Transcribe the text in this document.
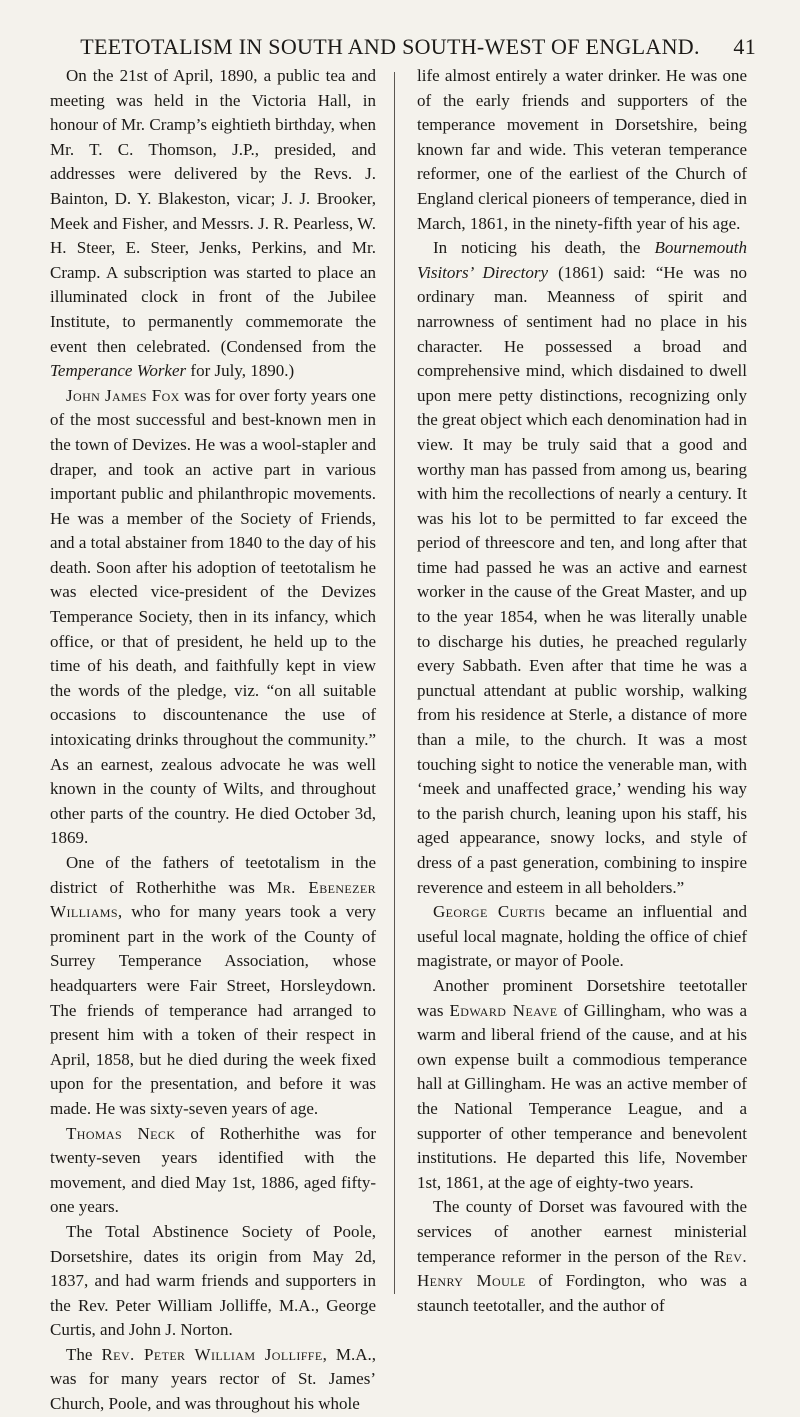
TEETOTALISM IN SOUTH AND SOUTH-WEST OF ENGLAND.	41

On the 21st of April, 1890, a public tea and meeting was held in the Victoria Hall, in honour of Mr. Cramp’s eightieth birthday, when Mr. T. C. Thomson, J.P., presided, and addresses were delivered by the Revs. J. Bainton, D. Y. Blakeston, vicar; J. J. Brooker, Meek and Fisher, and Messrs. J. R. Pearless, W. H. Steer, E. Steer, Jenks, Perkins, and Mr. Cramp. A subscription was started to place an illuminated clock in front of the Jubilee Institute, to permanently commemorate the event then celebrated. (Condensed from the Temperance Worker for July, 1890.)

John James Fox was for over forty years one of the most successful and best-known men in the town of Devizes. He was a wool-stapler and draper, and took an active part in various important public and philanthropic movements. He was a member of the Society of Friends, and a total abstainer from 1840 to the day of his death. Soon after his adoption of teetotalism he was elected vice-president of the Devizes Temperance Society, then in its infancy, which office, or that of president, he held up to the time of his death, and faithfully kept in view the words of the pledge, viz. “on all suitable occasions to discountenance the use of intoxicating drinks throughout the community.” As an earnest, zealous advocate he was well known in the county of Wilts, and throughout other parts of the country. He died October 3d, 1869.

One of the fathers of teetotalism in the district of Rotherhithe was Mr. Ebenezer Williams, who for many years took a very prominent part in the work of the County of Surrey Temperance Association, whose headquarters were Fair Street, Horsleydown. The friends of temperance had arranged to present him with a token of their respect in April, 1858, but he died during the week fixed upon for the presentation, and before it was made. He was sixty-seven years of age.

Thomas Neck of Rotherhithe was for twenty-seven years identified with the movement, and died May 1st, 1886, aged fifty-one years.

The Total Abstinence Society of Poole, Dorsetshire, dates its origin from May 2d, 1837, and had warm friends and supporters in the Rev. Peter William Jolliffe, M.A., George Curtis, and John J. Norton.

The Rev. Peter William Jolliffe, M.A., was for many years rector of St. James’ Church, Poole, and was throughout his whole

life almost entirely a water drinker. He was one of the early friends and supporters of the temperance movement in Dorsetshire, being known far and wide. This veteran temperance reformer, one of the earliest of the Church of England clerical pioneers of temperance, died in March, 1861, in the ninety-fifth year of his age.

In noticing his death, the Bournemouth Visitors’ Directory (1861) said: “He was no ordinary man. Meanness of spirit and narrowness of sentiment had no place in his character. He possessed a broad and comprehensive mind, which disdained to dwell upon mere petty distinctions, recognizing only the great object which each denomination had in view. It may be truly said that a good and worthy man has passed from among us, bearing with him the recollections of nearly a century. It was his lot to be permitted to far exceed the period of threescore and ten, and long after that time had passed he was an active and earnest worker in the cause of the Great Master, and up to the year 1854, when he was literally unable to discharge his duties, he preached regularly every Sabbath. Even after that time he was a punctual attendant at public worship, walking from his residence at Sterle, a distance of more than a mile, to the church. It was a most touching sight to notice the venerable man, with ‘meek and unaffected grace,’ wending his way to the parish church, leaning upon his staff, his aged appearance, snowy locks, and style of dress of a past generation, combining to inspire reverence and esteem in all beholders.”

George Curtis became an influential and useful local magnate, holding the office of chief magistrate, or mayor of Poole.

Another prominent Dorsetshire teetotaller was Edward Neave of Gillingham, who was a warm and liberal friend of the cause, and at his own expense built a commodious temperance hall at Gillingham. He was an active member of the National Temperance League, and a supporter of other temperance and benevolent institutions. He departed this life, November 1st, 1861, at the age of eighty-two years.

The county of Dorset was favoured with the services of another earnest ministerial temperance reformer in the person of the Rev. Henry Moule of Fordington, who was a staunch teetotaller, and the author of
